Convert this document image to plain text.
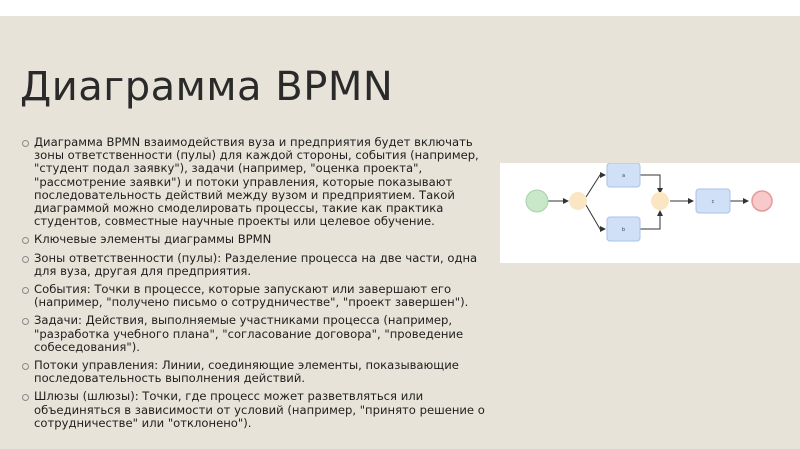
Диаграмма BPMN
Диаграмма BPMN взаимодействия вуза и предприятия будет включать зоны ответственности (пулы) для каждой стороны, события (например, "студент подал заявку"), задачи (например, "оценка проекта", "рассмотрение заявки") и потоки управления, которые показывают последовательность действий между вузом и предприятием. Такой диаграммой можно смоделировать процессы, такие как практика студентов, совместные научные проекты или целевое обучение.
Ключевые элементы диаграммы BPMN
Зоны ответственности (пулы): Разделение процесса на две части, одна для вуза, другая для предприятия.
События: Точки в процессе, которые запускают или завершают его (например, "получено письмо о сотрудничестве", "проект завершен").
Задачи: Действия, выполняемые участниками процесса (например, "разработка учебного плана", "согласование договора", "проведение собеседования").
Потоки управления: Линии, соединяющие элементы, показывающие последовательность выполнения действий.
Шлюзы (шлюзы): Точки, где процесс может разветвляться или объединяться в зависимости от условий (например, "принято решение о сотрудничестве" или "отклонено").
a
b
c
